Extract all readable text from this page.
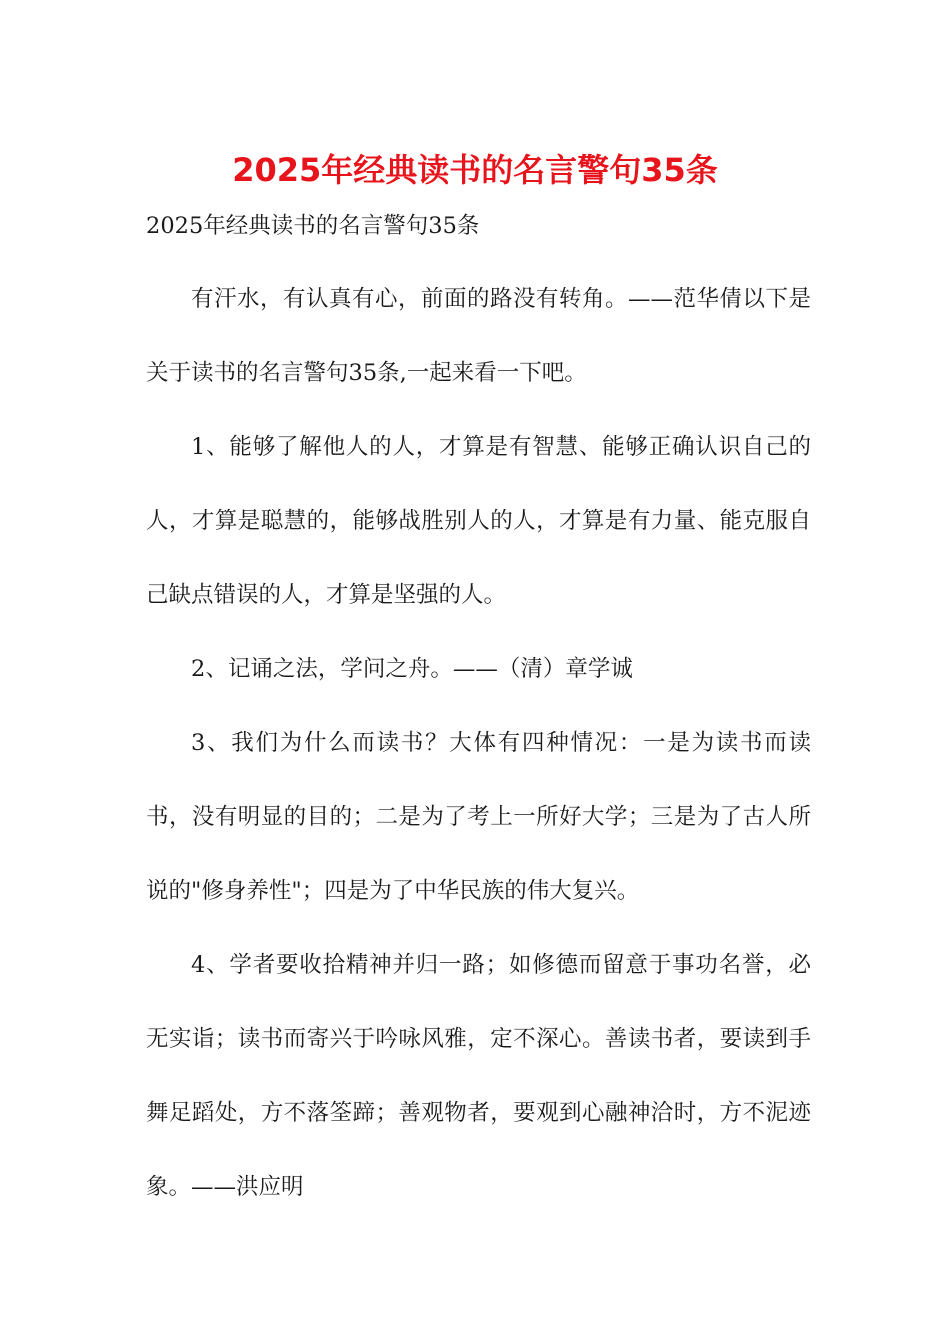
2025年经典读书的名言警句35条

2025年经典读书的名言警句35条

有汗水，有认真有心，前面的路没有转角。——范华倩以下是关于读书的名言警句35条,一起来看一下吧。

1、能够了解他人的人，才算是有智慧、能够正确认识自己的人，才算是聪慧的，能够战胜别人的人，才算是有力量、能克服自己缺点错误的人，才算是坚强的人。

2、记诵之法，学问之舟。——（清）章学诚

3、我们为什么而读书？大体有四种情况：一是为读书而读书，没有明显的目的；二是为了考上一所好大学；三是为了古人所说的"修身养性"；四是为了中华民族的伟大复兴。

4、学者要收拾精神并归一路；如修德而留意于事功名誉，必无实诣；读书而寄兴于吟咏风雅，定不深心。善读书者，要读到手舞足蹈处，方不落筌蹄；善观物者，要观到心融神洽时，方不泥迹象。——洪应明
